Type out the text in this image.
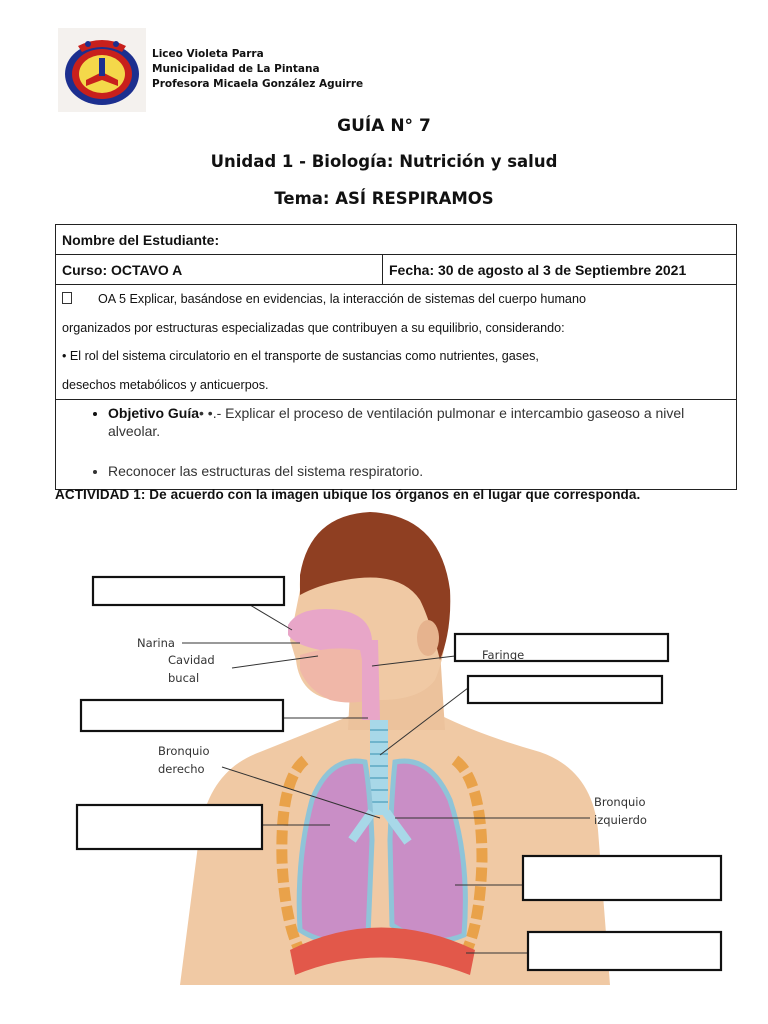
Liceo Violeta Parra
Municipalidad de La Pintana
Profesora Micaela González Aguirre
GUÍA N° 7
Unidad 1 - Biología: Nutrición y salud
Tema: ASÍ RESPIRAMOS
Nombre del Estudiante:
Curso: OCTAVO A	Fecha: 30 de agosto al 3 de Septiembre 2021

OA 5 Explicar, basándose en evidencias, la interacción de sistemas del cuerpo humano
organizados por estructuras especializadas que contribuyen a su equilibrio, considerando:
• El rol del sistema circulatorio en el transporte de sustancias como nutrientes, gases,
desechos metabólicos y anticuerpos.

• Objetivo Guía• •.- Explicar el proceso de ventilación pulmonar e intercambio gaseoso a nivel alveolar.
• Reconocer las estructuras del sistema respiratorio.
ACTIVIDAD 1: De acuerdo con la imagen ubique los órganos en el lugar que corresponda.
Narina
Cavidad
bucal
Faringe
Bronquio
derecho
Bronquio
izquierdo
